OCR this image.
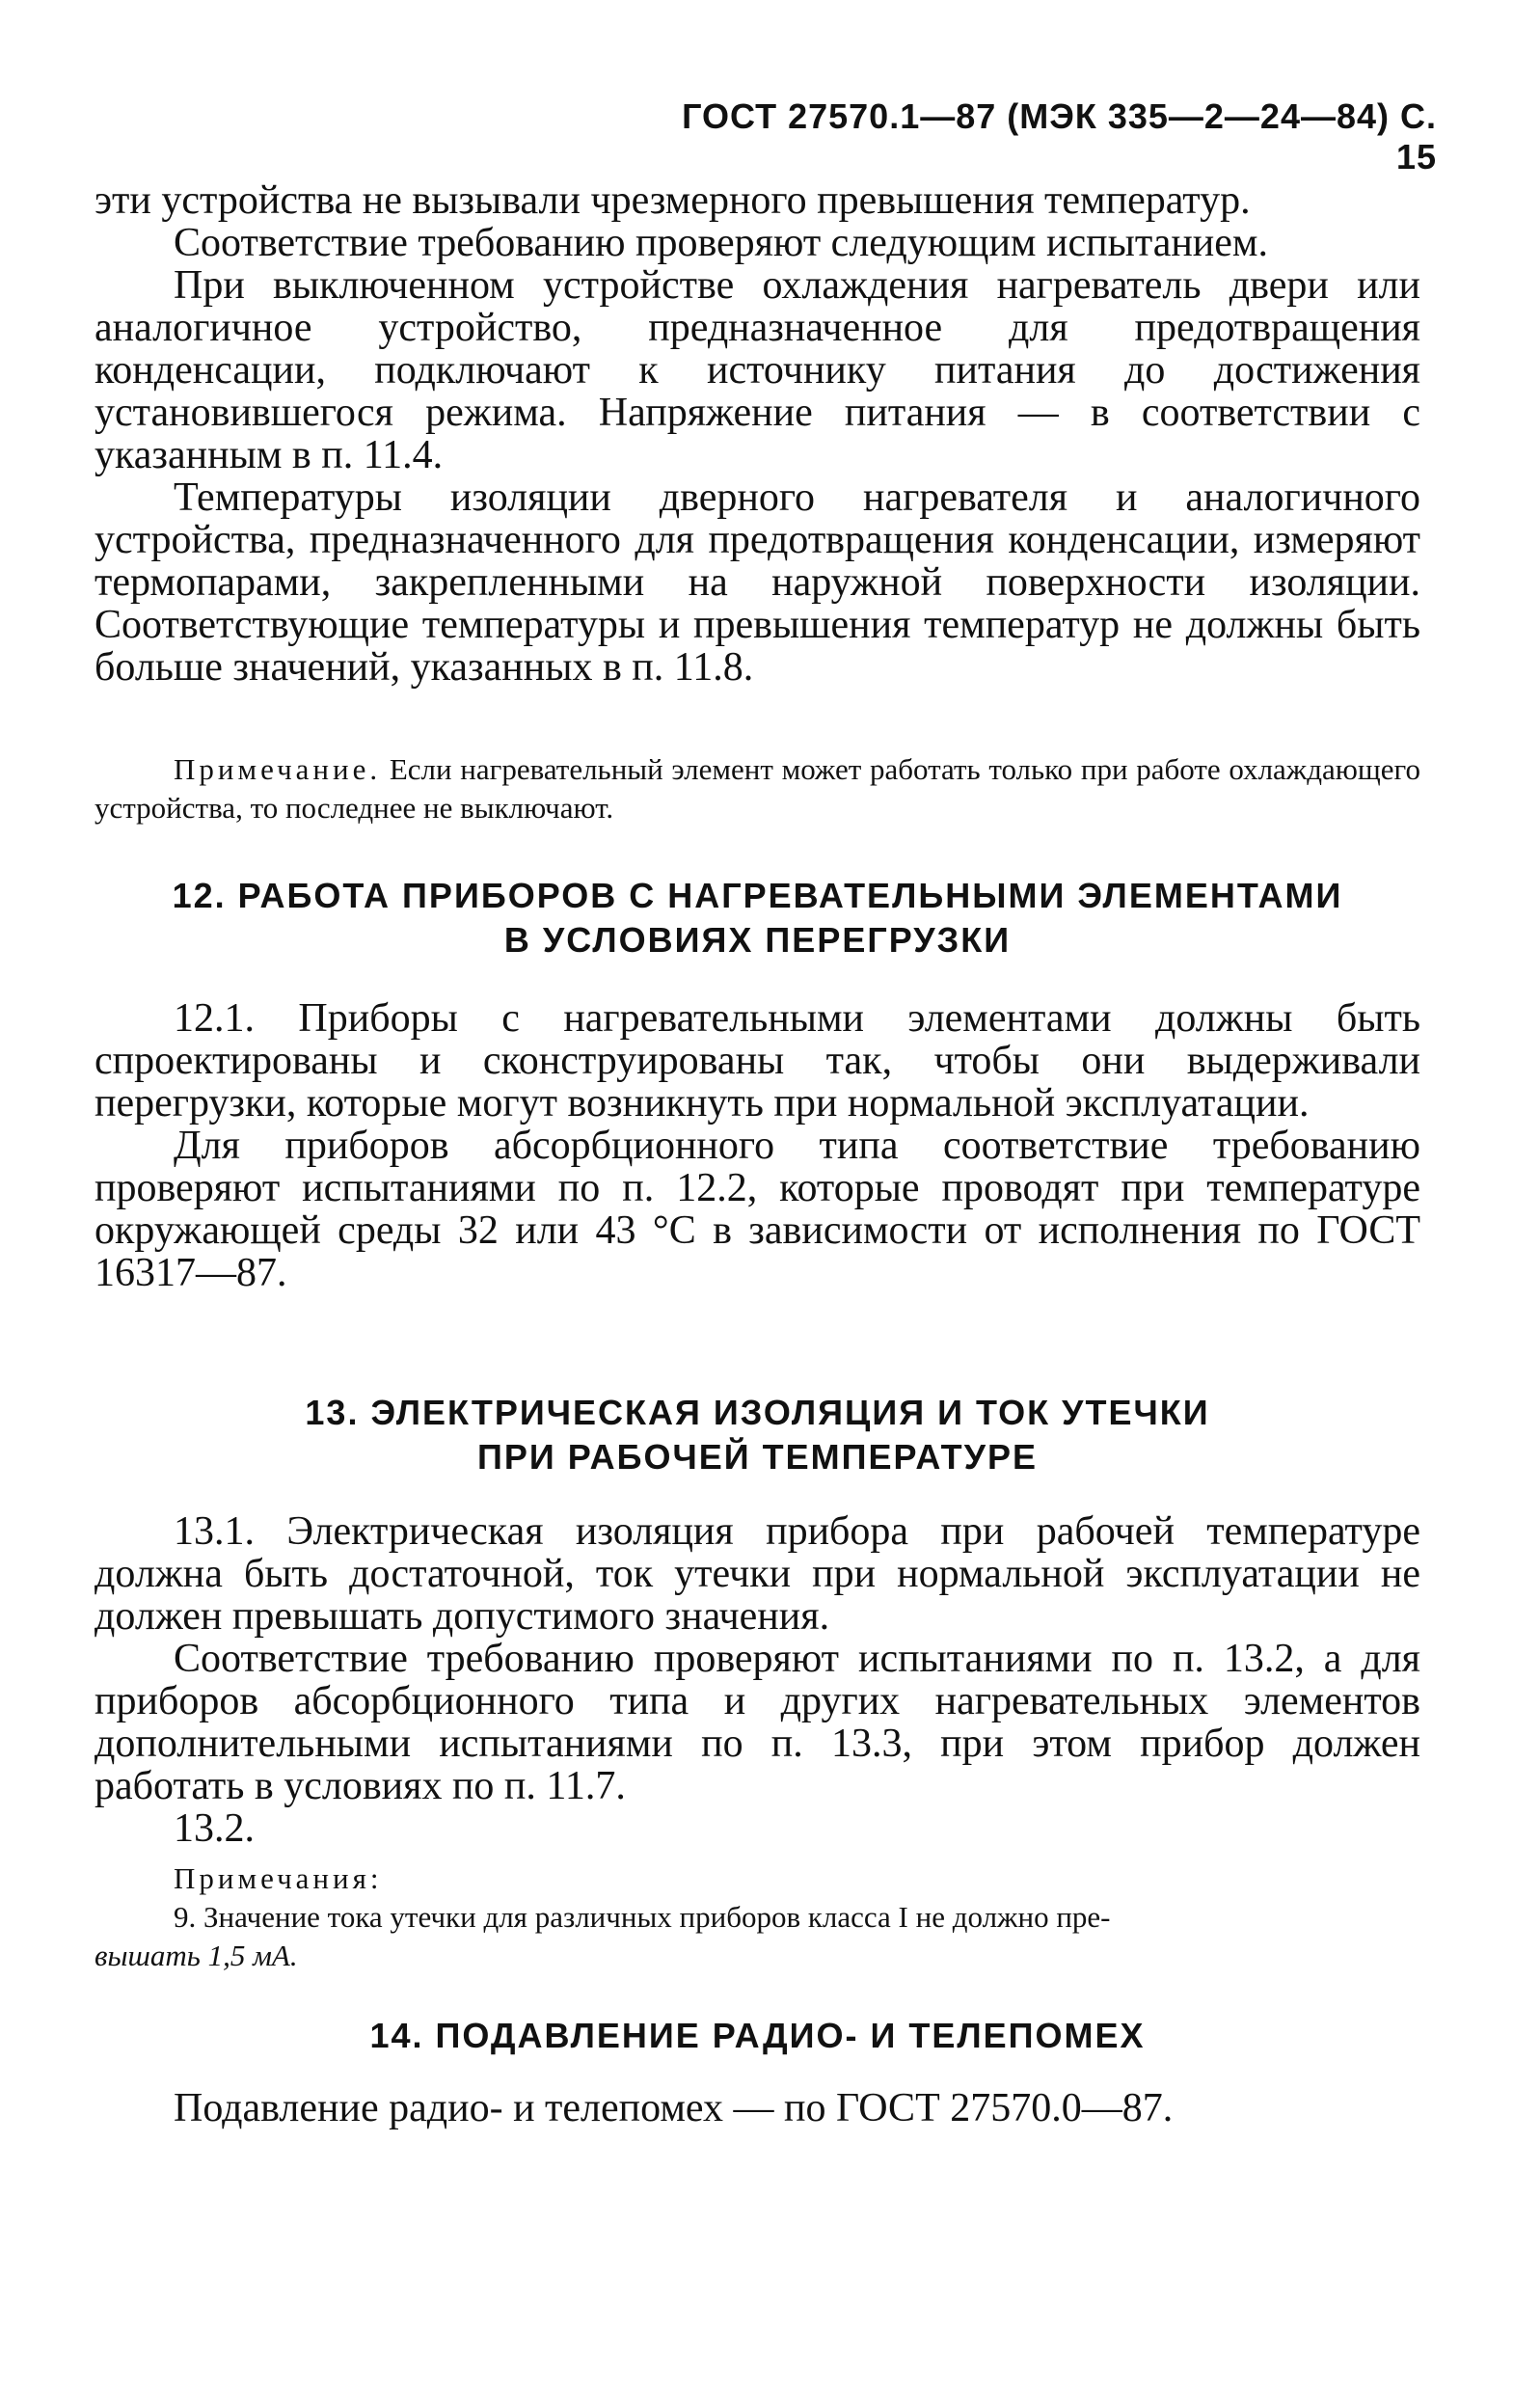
ГОСТ 27570.1—87 (МЭК 335—2—24—84) С. 15

эти устройства не вызывали чрезмерного превышения температур.

Соответствие требованию проверяют следующим испытанием.

При выключенном устройстве охлаждения нагреватель двери или аналогичное устройство, предназначенное для предотвращения конденсации, подключают к источнику питания до достижения установившегося режима. Напряжение питания — в соответствии с указанным в п. 11.4.

Температуры изоляции дверного нагревателя и аналогичного устройства, предназначенного для предотвращения конденсации, измеряют термопарами, закрепленными на наружной поверхности изоляции. Соответствующие температуры и превышения температур не должны быть больше значений, указанных в п. 11.8.

Примечание. Если нагревательный элемент может работать только при работе охлаждающего устройства, то последнее не выключают.

12. РАБОТА ПРИБОРОВ С НАГРЕВАТЕЛЬНЫМИ ЭЛЕМЕНТАМИ

В УСЛОВИЯХ ПЕРЕГРУЗКИ

12.1. Приборы с нагревательными элементами должны быть спроектированы и сконструированы так, чтобы они выдерживали перегрузки, которые могут возникнуть при нормальной эксплуатации.

Для приборов абсорбционного типа соответствие требованию проверяют испытаниями по п. 12.2, которые проводят при температуре окружающей среды 32 или 43 °С в зависимости от исполнения по ГОСТ 16317—87.

13. ЭЛЕКТРИЧЕСКАЯ ИЗОЛЯЦИЯ И ТОК УТЕЧКИ

ПРИ РАБОЧЕЙ ТЕМПЕРАТУРЕ

13.1. Электрическая изоляция прибора при рабочей температуре должна быть достаточной, ток утечки при нормальной эксплуатации не должен превышать допустимого значения.

Соответствие требованию проверяют испытаниями по п. 13.2, а для приборов абсорбционного типа и других нагревательных элементов дополнительными испытаниями по п. 13.3, при этом прибор должен работать в условиях по п. 11.7.

13.2.

Примечания:

9. Значение тока утечки для различных приборов класса I не должно пре-

вышать 1,5 мА.

14. ПОДАВЛЕНИЕ РАДИО- И ТЕЛЕПОМЕХ

Подавление радио- и телепомех — по ГОСТ 27570.0—87.
